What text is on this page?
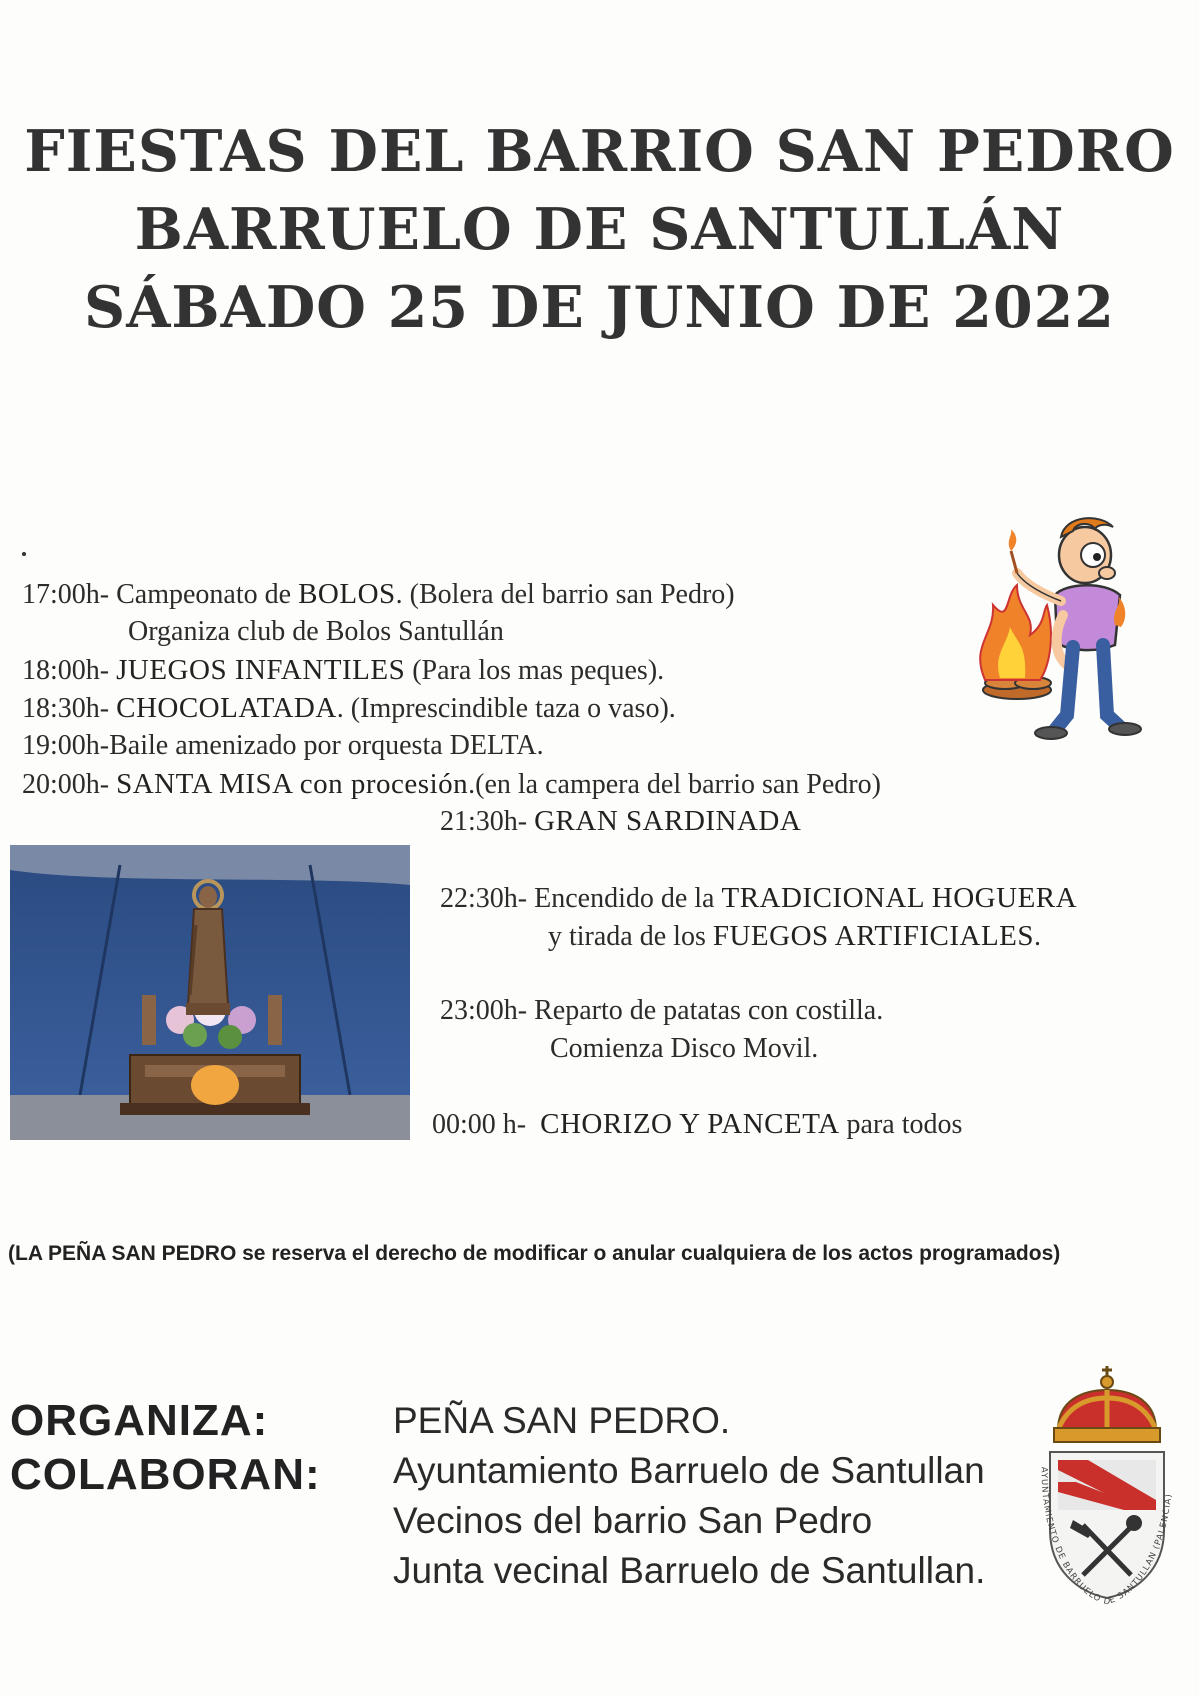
FIESTAS DEL BARRIO SAN PEDRO
BARRUELO DE SANTULLÁN
SÁBADO 25 DE JUNIO DE 2022
17:00h- Campeonato de BOLOS. (Bolera del barrio san Pedro)
Organiza club de Bolos Santullán
18:00h- JUEGOS INFANTILES (Para los mas peques).
18:30h- CHOCOLATADA. (Imprescindible taza o vaso).
19:00h-Baile amenizado por orquesta DELTA.
20:00h- SANTA MISA con procesión.(en la campera del barrio san Pedro)
21:30h- GRAN SARDINADA
22:30h- Encendido de la TRADICIONAL HOGUERA
y tirada de los FUEGOS ARTIFICIALES.
23:00h- Reparto de patatas con costilla.
Comienza Disco Movil.
00:00 h- CHORIZO Y PANCETA para todos
(LA PEÑA SAN PEDRO se reserva el derecho de modificar o anular cualquiera de los actos programados)
ORGANIZA:	PEÑA SAN PEDRO.
COLABORAN: Ayuntamiento Barruelo de Santullan
Vecinos del barrio San Pedro
Junta vecinal Barruelo de Santullan.
AYUNTAMIENTO DE BARRUELO DE SANTULLAN (PALENCIA)
